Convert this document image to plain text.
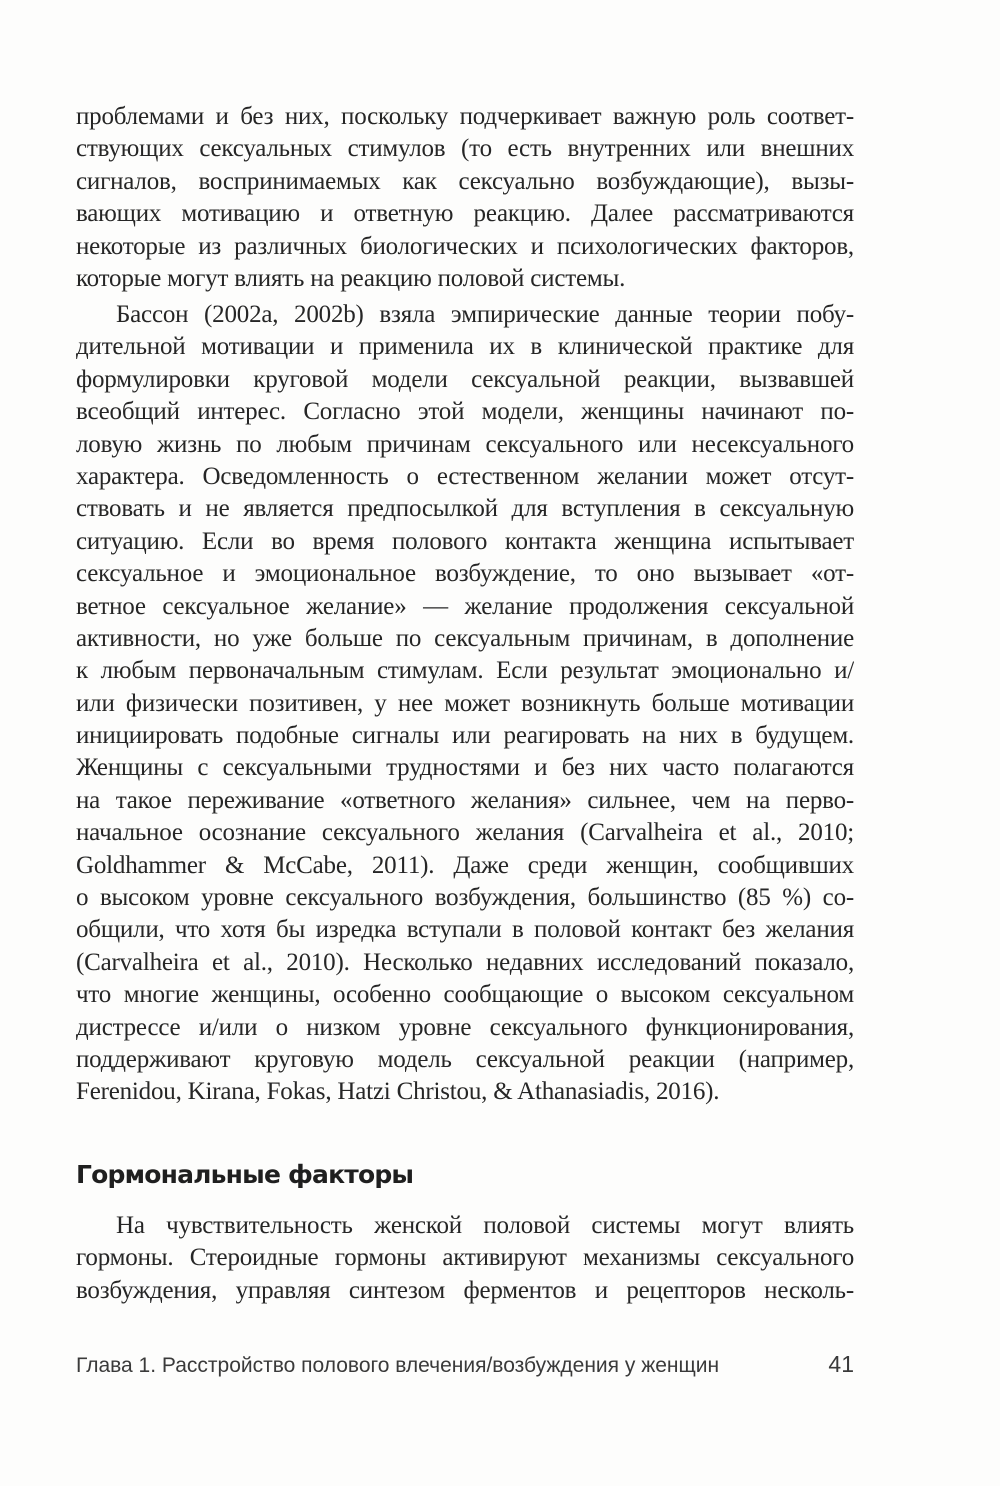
проблемами и без них, поскольку подчеркивает важную роль соответ-
ствующих сексуальных стимулов (то есть внутренних или внешних
сигналов, воспринимаемых как сексуально возбуждающие), вызы-
вающих мотивацию и ответную реакцию. Далее рассматриваются
некоторые из различных биологических и психологических факторов,
которые могут влиять на реакцию половой системы.
Бассон (2002a, 2002b) взяла эмпирические данные теории побу-
дительной мотивации и применила их в клинической практике для
формулировки круговой модели сексуальной реакции, вызвавшей
всеобщий интерес. Согласно этой модели, женщины начинают по-
ловую жизнь по любым причинам сексуального или несексуального
характера. Осведомленность о естественном желании может отсут-
ствовать и не является предпосылкой для вступления в сексуальную
ситуацию. Если во время полового контакта женщина испытывает
сексуальное и эмоциональное возбуждение, то оно вызывает «от-
ветное сексуальное желание» — желание продолжения сексуальной
активности, но уже больше по сексуальным причинам, в дополнение
к любым первоначальным стимулам. Если результат эмоционально и/
или физически позитивен, у нее может возникнуть больше мотивации
инициировать подобные сигналы или реагировать на них в будущем.
Женщины с сексуальными трудностями и без них часто полагаются
на такое переживание «ответного желания» сильнее, чем на перво-
начальное осознание сексуального желания (Carvalheira et al., 2010;
Goldhammer & McCabe, 2011). Даже среди женщин, сообщивших
о высоком уровне сексуального возбуждения, большинство (85 %) со-
общили, что хотя бы изредка вступали в половой контакт без желания
(Carvalheira et al., 2010). Несколько недавних исследований показало,
что многие женщины, особенно сообщающие о высоком сексуальном
дистрессе и/или о низком уровне сексуального функционирования,
поддерживают круговую модель сексуальной реакции (например,
Ferenidou, Kirana, Fokas, Hatzi Christou, & Athanasiadis, 2016).
Гормональные факторы
На чувствительность женской половой системы могут влиять
гормоны. Стероидные гормоны активируют механизмы сексуального
возбуждения, управляя синтезом ферментов и рецепторов несколь-
Глава 1. Расстройство полового влечения/возбуждения у женщин	41
